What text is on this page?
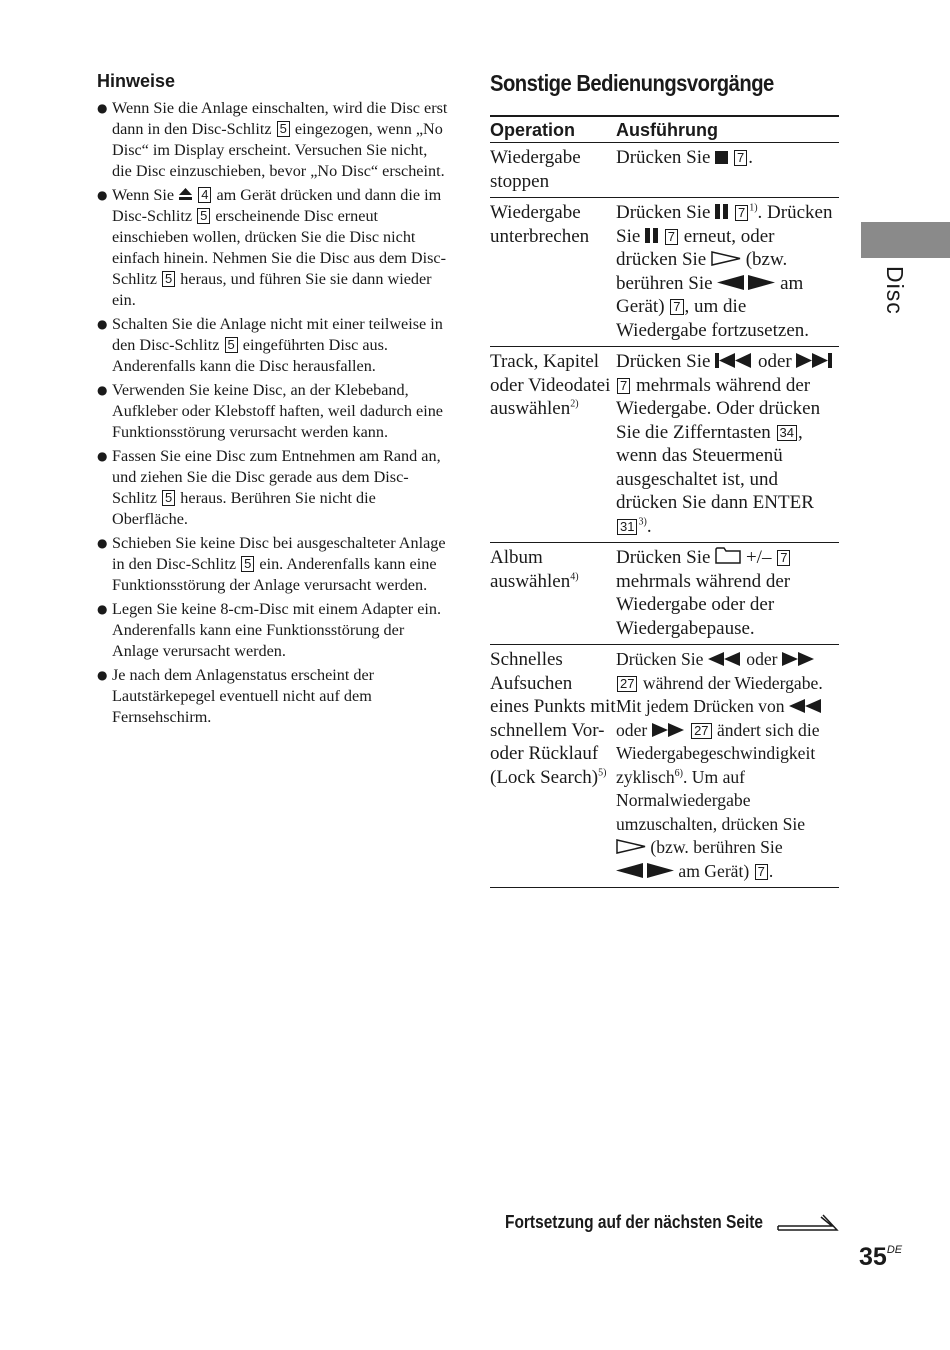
Hinweise
● Wenn Sie die Anlage einschalten, wird die Disc erst dann in den Disc-Schlitz 5 eingezogen, wenn „No Disc“ im Display erscheint. Versuchen Sie nicht, die Disc einzuschieben, bevor „No Disc“ erscheint.
● Wenn Sie 4 am Gerät drücken und dann die im Disc-Schlitz 5 erscheinende Disc erneut einschieben wollen, drücken Sie die Disc nicht einfach hinein. Nehmen Sie die Disc aus dem Disc-Schlitz 5 heraus, und führen Sie sie dann wieder ein.
● Schalten Sie die Anlage nicht mit einer teilweise in den Disc-Schlitz 5 eingeführten Disc aus. Anderenfalls kann die Disc herausfallen.
● Verwenden Sie keine Disc, an der Klebeband, Aufkleber oder Klebstoff haften, weil dadurch eine Funktionsstörung verursacht werden kann.
● Fassen Sie eine Disc zum Entnehmen am Rand an, und ziehen Sie die Disc gerade aus dem Disc-Schlitz 5 heraus. Berühren Sie nicht die Oberfläche.
● Schieben Sie keine Disc bei ausgeschalteter Anlage in den Disc-Schlitz 5 ein. Anderenfalls kann eine Funktionsstörung der Anlage verursacht werden.
● Legen Sie keine 8-cm-Disc mit einem Adapter ein. Anderenfalls kann eine Funktionsstörung der Anlage verursacht werden.
● Je nach dem Anlagenstatus erscheint der Lautstärkepegel eventuell nicht auf dem Fernsehschirm.
Sonstige Bedienungsvorgänge
Operation	Ausführung
Wiedergabe stoppen	Drücken Sie 7 .
Wiedergabe unterbrechen	Drücken Sie 7 $^{1)}$. Drücken Sie 7 erneut, oder drücken Sie (bzw. berühren Sie am Gerät) 7 , um die Wiedergabe fortzusetzen.
Track, Kapitel oder Videodatei auswählen$^{2)}$	Drücken Sie oder  7 mehrmals während der Wiedergabe. Oder drücken Sie die Zifferntasten 34 , wenn das Steuermenü ausgeschaltet ist, und drücken Sie dann ENTER 31 $^{3)}$.
Album auswählen$^{4)}$	Drücken Sie +/– 7 mehrmals während der Wiedergabe oder der Wiedergabepause.
Schnelles Aufsuchen eines Punkts mit schnellem Vor- oder Rücklauf (Lock Search)$^{5)}$	Drücken Sie oder  27 während der Wiedergabe. Mit jedem Drücken von  oder 27 ändert sich die Wiedergabegeschwindigkeit zyklisch$^{6)}$. Um auf Normalwiedergabe umzuschalten, drücken Sie  (bzw. berühren Sie  am Gerät) 7 .
Disc
Fortsetzung auf der nächsten Seite
35DE
